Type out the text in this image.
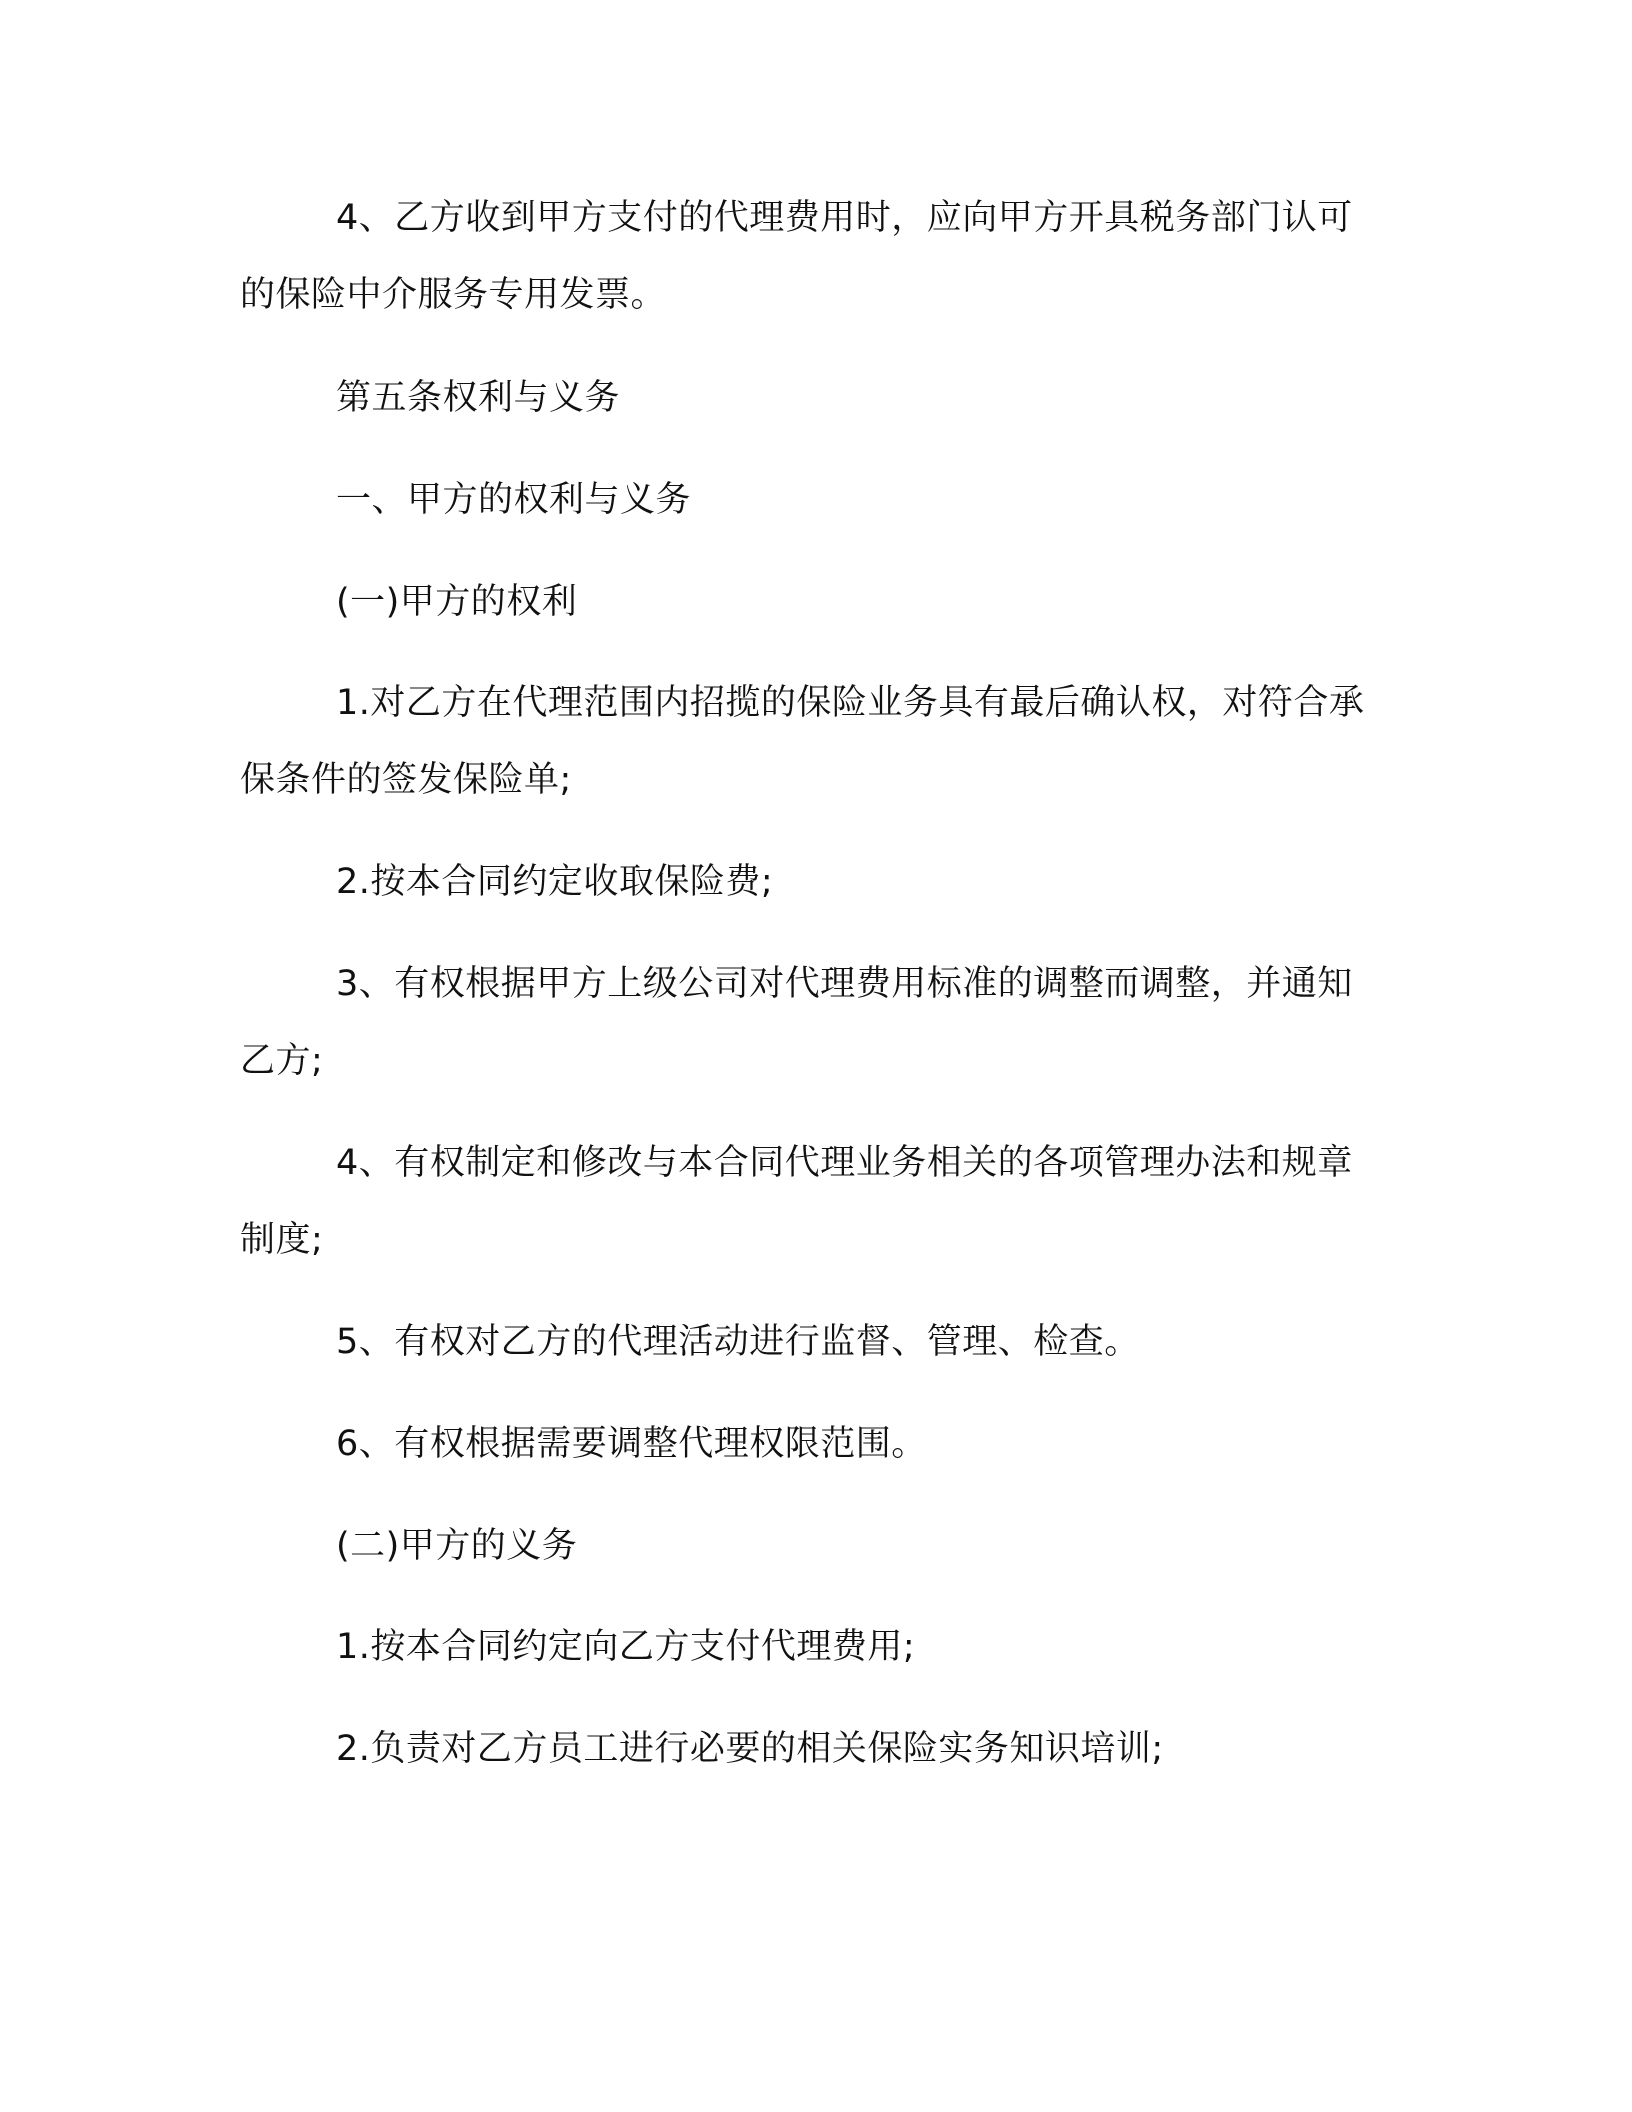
4、乙方收到甲方支付的代理费用时，应向甲方开具税务部门认可的保险中介服务专用发票。

第五条权利与义务

一、甲方的权利与义务

(一)甲方的权利

1.对乙方在代理范围内招揽的保险业务具有最后确认权，对符合承保条件的签发保险单;

2.按本合同约定收取保险费;

3、有权根据甲方上级公司对代理费用标准的调整而调整，并通知乙方;

4、有权制定和修改与本合同代理业务相关的各项管理办法和规章制度;

5、有权对乙方的代理活动进行监督、管理、检查。

6、有权根据需要调整代理权限范围。

(二)甲方的义务

1.按本合同约定向乙方支付代理费用;

2.负责对乙方员工进行必要的相关保险实务知识培训;
